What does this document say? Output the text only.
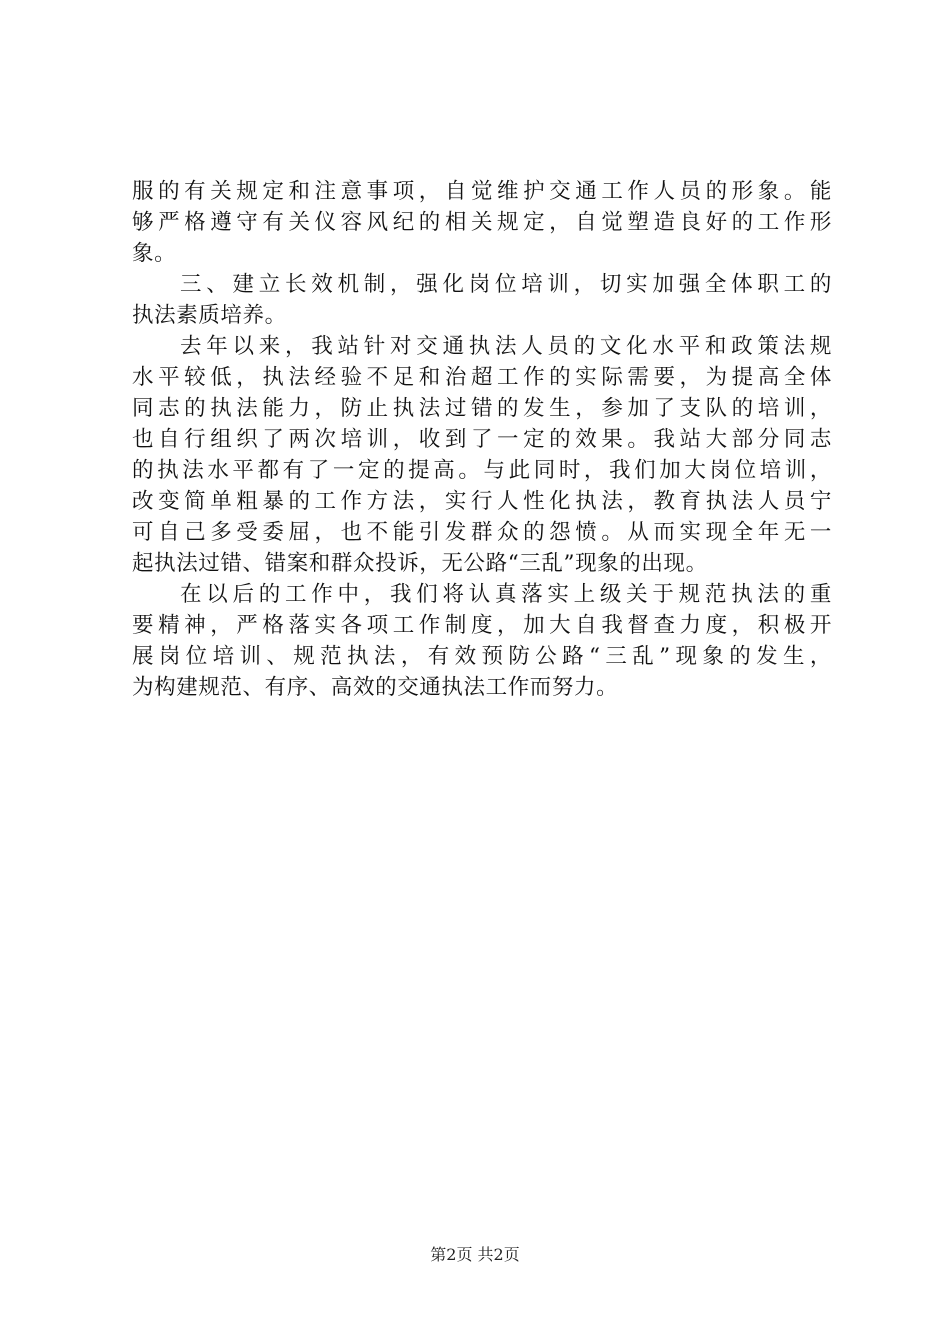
服的有关规定和注意事项，自觉维护交通工作人员的形象。能
够严格遵守有关仪容风纪的相关规定，自觉塑造良好的工作形
象。
三、建立长效机制，强化岗位培训，切实加强全体职工的
执法素质培养。
去年以来，我站针对交通执法人员的文化水平和政策法规
水平较低，执法经验不足和治超工作的实际需要，为提高全体
同志的执法能力，防止执法过错的发生，参加了支队的培训，
也自行组织了两次培训，收到了一定的效果。我站大部分同志
的执法水平都有了一定的提高。与此同时，我们加大岗位培训，
改变简单粗暴的工作方法，实行人性化执法，教育执法人员宁
可自己多受委屈，也不能引发群众的怨愤。从而实现全年无一
起执法过错、错案和群众投诉，无公路“三乱”现象的出现。
在以后的工作中，我们将认真落实上级关于规范执法的重
要精神，严格落实各项工作制度，加大自我督查力度，积极开
展岗位培训、规范执法，有效预防公路“三乱”现象的发生，
为构建规范、有序、高效的交通执法工作而努力。
第2页 共2页
